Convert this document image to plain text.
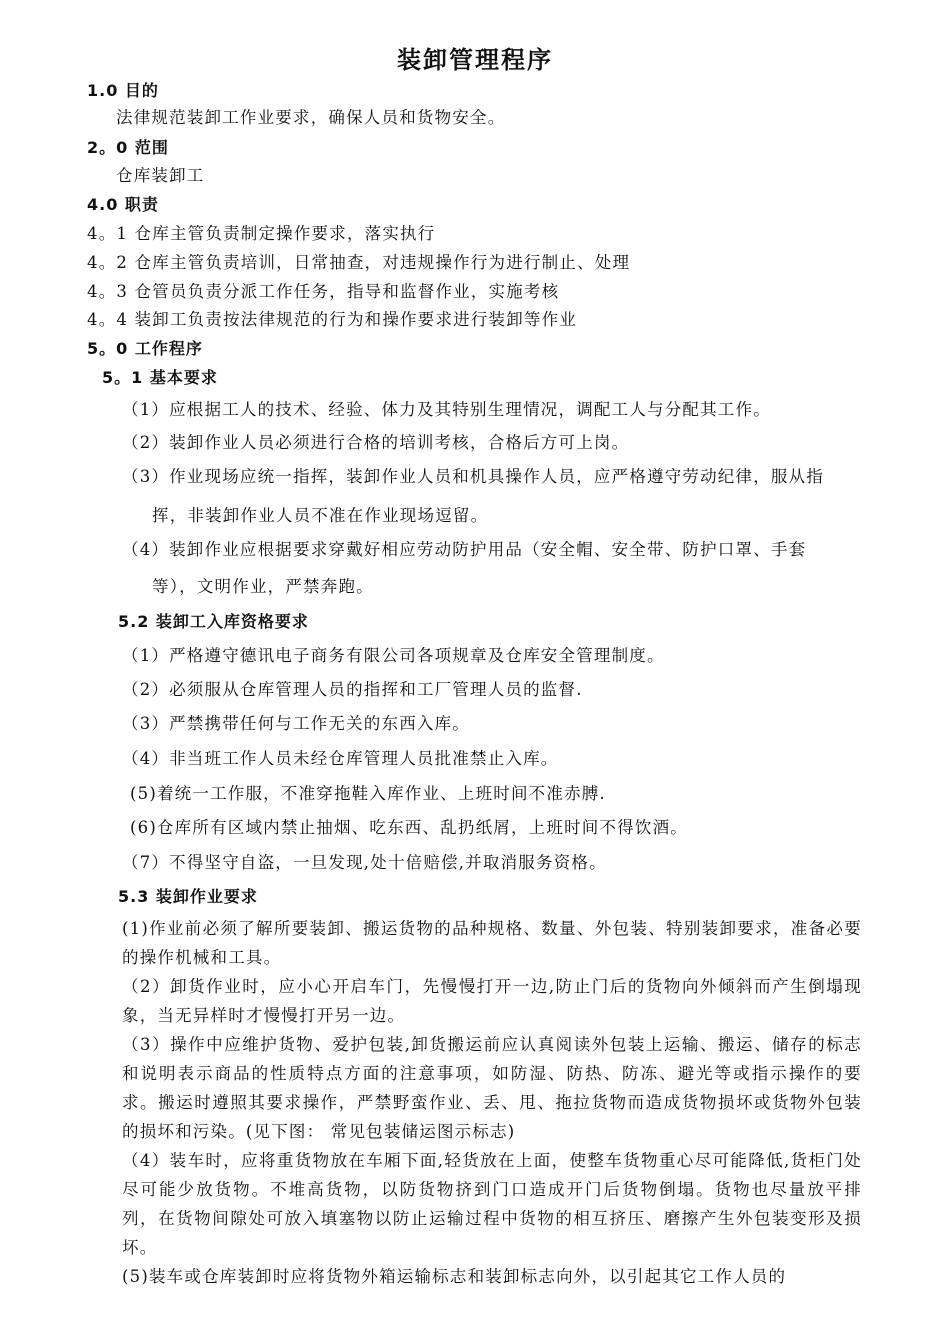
装卸管理程序
1.0 目的
法律规范装卸工作业要求，确保人员和货物安全。
2。0 范围
仓库装卸工
4.0 职责
4。1 仓库主管负责制定操作要求，落实执行
4。2 仓库主管负责培训，日常抽查，对违规操作行为进行制止、处理
4。3 仓管员负责分派工作任务，指导和监督作业，实施考核
4。4 装卸工负责按法律规范的行为和操作要求进行装卸等作业
5。0 工作程序
5。1 基本要求
（1）应根据工人的技术、经验、体力及其特别生理情况，调配工人与分配其工作。
（2）装卸作业人员必须进行合格的培训考核，合格后方可上岗。
（3）作业现场应统一指挥，装卸作业人员和机具操作人员，应严格遵守劳动纪律，服从指
挥，非装卸作业人员不准在作业现场逗留。
（4）装卸作业应根据要求穿戴好相应劳动防护用品（安全帽、安全带、防护口罩、手套
等），文明作业，严禁奔跑。
5.2 装卸工入库资格要求
（1）严格遵守德讯电子商务有限公司各项规章及仓库安全管理制度。
（2）必须服从仓库管理人员的指挥和工厂管理人员的监督.
（3）严禁携带任何与工作无关的东西入库。
（4）非当班工作人员未经仓库管理人员批准禁止入库。
(5)着统一工作服，不准穿拖鞋入库作业、上班时间不准赤膊.
(6)仓库所有区域内禁止抽烟、吃东西、乱扔纸屑，上班时间不得饮酒。
（7）不得坚守自盗，一旦发现,处十倍赔偿,并取消服务资格。
5.3 装卸作业要求
(1)作业前必须了解所要装卸、搬运货物的品种规格、数量、外包装、特别装卸要求，准备必要的操作机械和工具。
（2）卸货作业时，应小心开启车门，先慢慢打开一边,防止门后的货物向外倾斜而产生倒塌现象，当无异样时才慢慢打开另一边。
（3）操作中应维护货物、爱护包装,卸货搬运前应认真阅读外包装上运输、搬运、储存的标志和说明表示商品的性质特点方面的注意事项，如防湿、防热、防冻、避光等或指示操作的要求。搬运时遵照其要求操作，严禁野蛮作业、丢、甩、拖拉货物而造成货物损坏或货物外包装的损坏和污染。(见下图： 常见包装储运图示标志)
（4）装车时，应将重货物放在车厢下面,轻货放在上面，使整车货物重心尽可能降低,货柜门处尽可能少放货物。不堆高货物，以防货物挤到门口造成开门后货物倒塌。货物也尽量放平排列，在货物间隙处可放入填塞物以防止运输过程中货物的相互挤压、磨擦产生外包装变形及损坏。
(5)装车或仓库装卸时应将货物外箱运输标志和装卸标志向外，以引起其它工作人员的
